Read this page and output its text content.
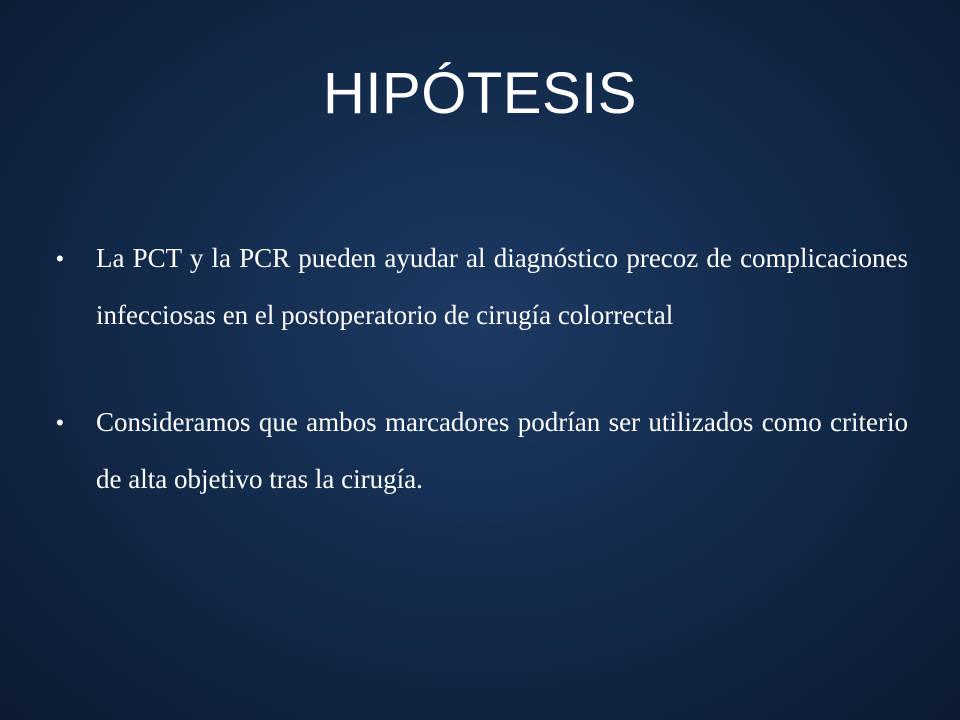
HIPÓTESIS
•	La PCT y la PCR pueden ayudar al diagnóstico precoz de complicaciones infecciosas en el postoperatorio de cirugía colorrectal
•	Consideramos que ambos marcadores podrían ser utilizados como criterio de alta objetivo tras la cirugía.
